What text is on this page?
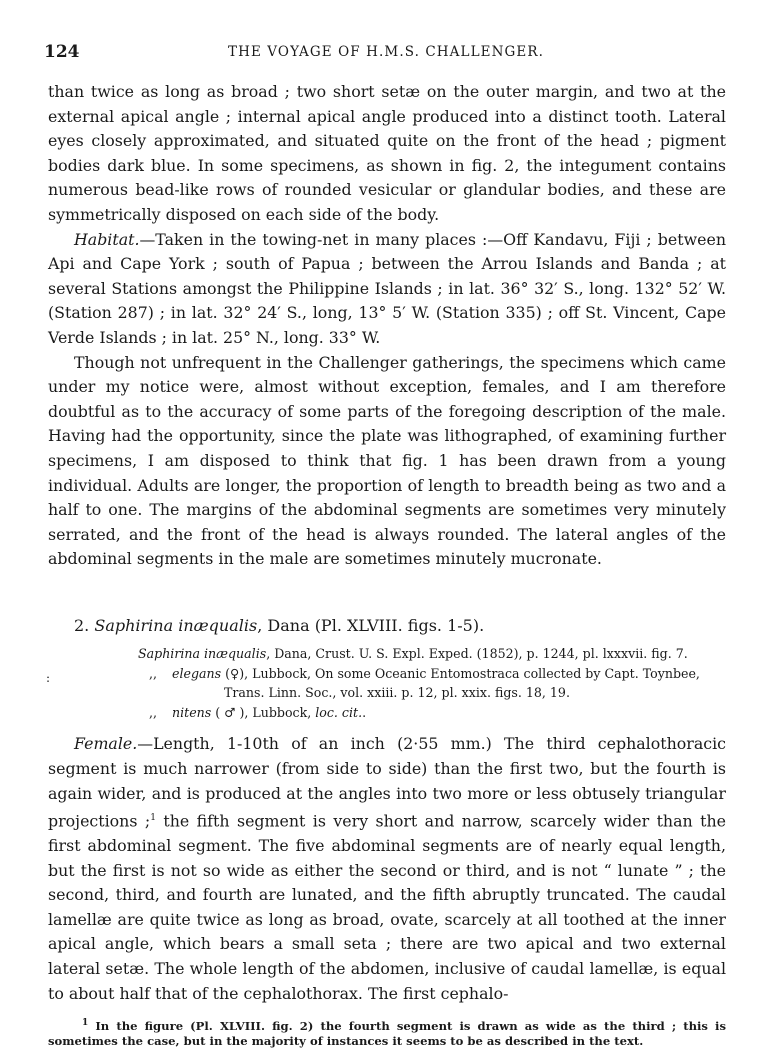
124	THE VOYAGE OF H.M.S. CHALLENGER.
:

than twice as long as broad ; two short setæ on the outer margin, and two at the external apical angle ; internal apical angle produced into a distinct tooth. Lateral eyes closely approximated, and situated quite on the front of the head ; pigment bodies dark blue. In some specimens, as shown in fig. 2, the integument contains numerous bead-like rows of rounded vesicular or glandular bodies, and these are symmetrically disposed on each side of the body.

Habitat.—Taken in the towing-net in many places :—Off Kandavu, Fiji ; between Api and Cape York ; south of Papua ; between the Arrou Islands and Banda ; at several Stations amongst the Philippine Islands ; in lat. 36° 32′ S., long. 132° 52′ W. (Station 287) ; in lat. 32° 24′ S., long, 13° 5′ W. (Station 335) ; off St. Vincent, Cape Verde Islands ; in lat. 25° N., long. 33° W.

Though not unfrequent in the Challenger gatherings, the specimens which came under my notice were, almost without exception, females, and I am therefore doubtful as to the accuracy of some parts of the foregoing description of the male. Having had the opportunity, since the plate was lithographed, of examining further specimens, I am disposed to think that fig. 1 has been drawn from a young individual. Adults are longer, the proportion of length to breadth being as two and a half to one. The margins of the abdominal segments are sometimes very minutely serrated, and the front of the head is always rounded. The lateral angles of the abdominal segments in the male are sometimes minutely mucronate.

2. Saphirina inæqualis, Dana (Pl. XLVIII. figs. 1-5).

Saphirina inæqualis, Dana, Crust. U. S. Expl. Exped. (1852), p. 1244, pl. lxxxvii. fig. 7.
,, elegans (♀), Lubbock, On some Oceanic Entomostraca collected by Capt. Toynbee,
Trans. Linn. Soc., vol. xxiii. p. 12, pl. xxix. figs. 18, 19.
,, nitens ( ♂ ), Lubbock, loc. cit..

Female.—Length, 1-10th of an inch (2·55 mm.) The third cephalothoracic segment is much narrower (from side to side) than the first two, but the fourth is again wider, and is produced at the angles into two more or less obtusely triangular projections ;$^1$ the fifth segment is very short and narrow, scarcely wider than the first abdominal segment. The five abdominal segments are of nearly equal length, but the first is not so wide as either the second or third, and is not “ lunate ” ; the second, third, and fourth are lunated, and the fifth abruptly truncated. The caudal lamellæ are quite twice as long as broad, ovate, scarcely at all toothed at the inner apical angle, which bears a small seta ; there are two apical and two external lateral setæ. The whole length of the abdomen, inclusive of caudal lamellæ, is equal to about half that of the cephalothorax. The first cephalo-

$^1$ In the figure (Pl. XLVIII. fig. 2) the fourth segment is drawn as wide as the third ; this is sometimes the case, but in the majority of instances it seems to be as described in the text.
